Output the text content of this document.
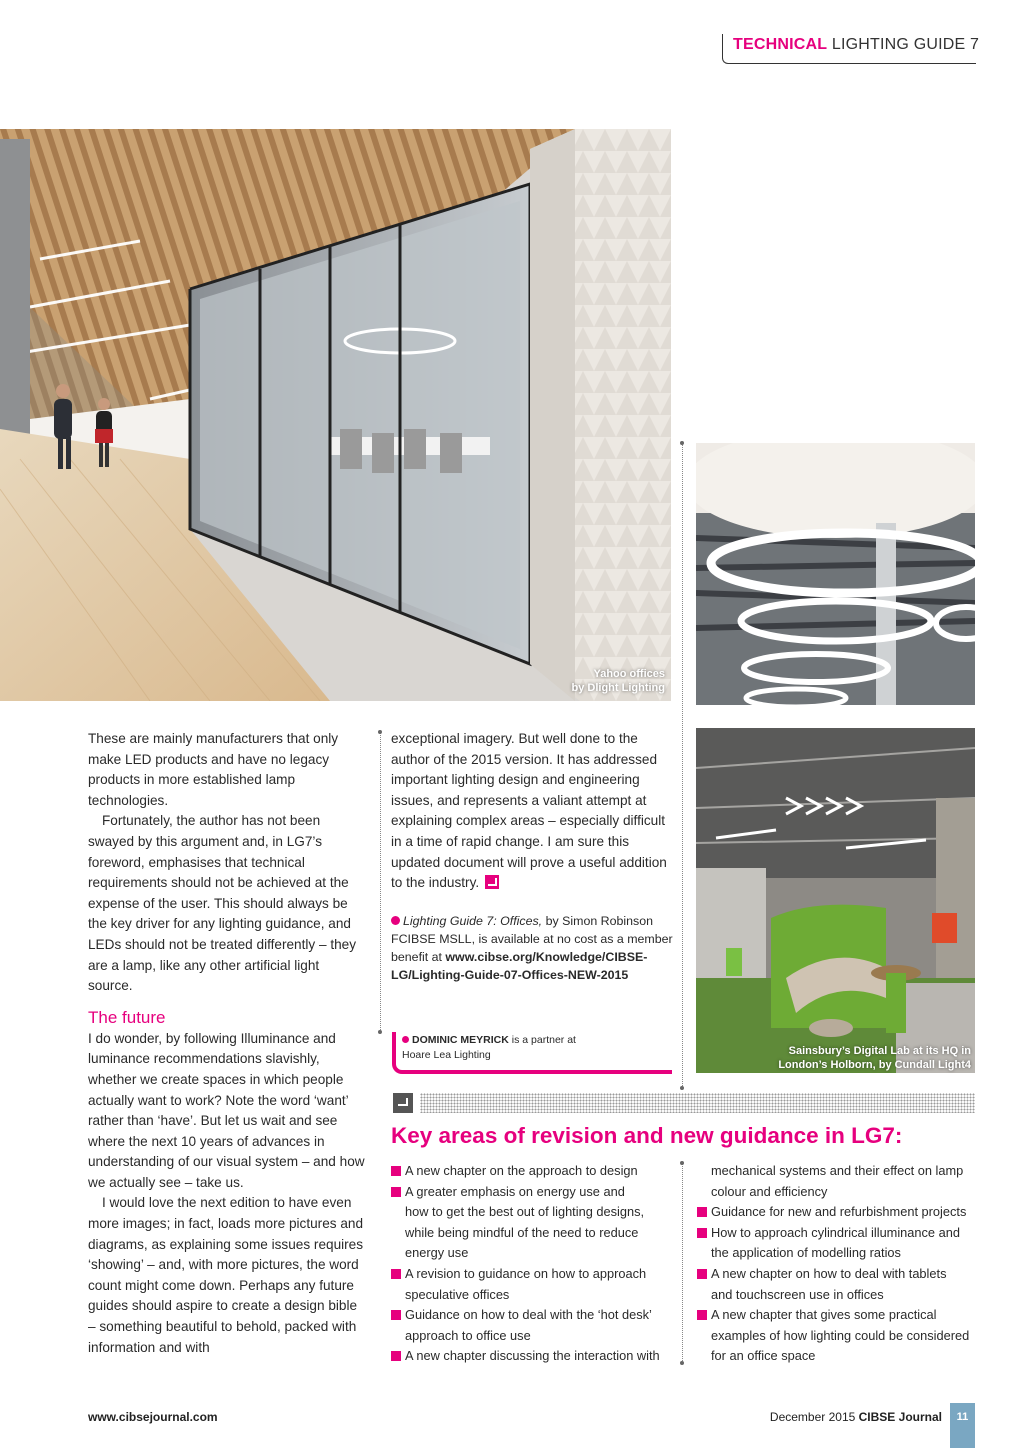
TECHNICAL LIGHTING GUIDE 7
Yahoo offices
by Dlight Lighting
Sainsbury’s Digital Lab at its HQ in
London’s Holborn, by Cundall Light4

These are mainly manufacturers that only make LED products and have no legacy products in more established lamp technologies.

Fortunately, the author has not been swayed by this argument and, in LG7’s foreword, emphasises that technical requirements should not be achieved at the expense of the user. This should always be the key driver for any lighting guidance, and LEDs should not be treated differently – they are a lamp, like any other artificial light source.

The future

I do wonder, by following Illuminance and luminance recommendations slavishly, whether we create spaces in which people actually want to work? Note the word ‘want’ rather than ‘have’. But let us wait and see where the next 10 years of advances in understanding of our visual system – and how we actually see – take us.

I would love the next edition to have even more images; in fact, loads more pictures and diagrams, as explaining some issues requires ‘showing’ – and, with more pictures, the word count might come down. Perhaps any future guides should aspire to create a design bible – something beautiful to behold, packed with information and with

exceptional imagery. But well done to the author of the 2015 version. It has addressed important lighting design and engineering issues, and represents a valiant attempt at explaining complex areas – especially difficult in a time of rapid change. I am sure this updated document will prove a useful addition to the industry.

Lighting Guide 7: Offices, by Simon Robinson FCIBSE MSLL, is available at no cost as a member benefit at www.cibse.org/Knowledge/CIBSE-LG/Lighting-Guide-07-Offices-NEW-2015
DOMINIC MEYRICK is a partner at
Hoare Lea Lighting
Key areas of revision and new guidance in LG7:
A new chapter on the approach to design
A greater emphasis on energy use and
how to get the best out of lighting designs,
while being mindful of the need to reduce
energy use
A revision to guidance on how to approach
speculative offices
Guidance on how to deal with the ‘hot desk’
approach to office use
A new chapter discussing the interaction with
mechanical systems and their effect on lamp
colour and efficiency
Guidance for new and refurbishment projects
How to approach cylindrical illuminance and
the application of modelling ratios
A new chapter on how to deal with tablets
and touchscreen use in offices
A new chapter that gives some practical
examples of how lighting could be considered
for an office space
www.cibsejournal.com	December 2015 CIBSE Journal	11
